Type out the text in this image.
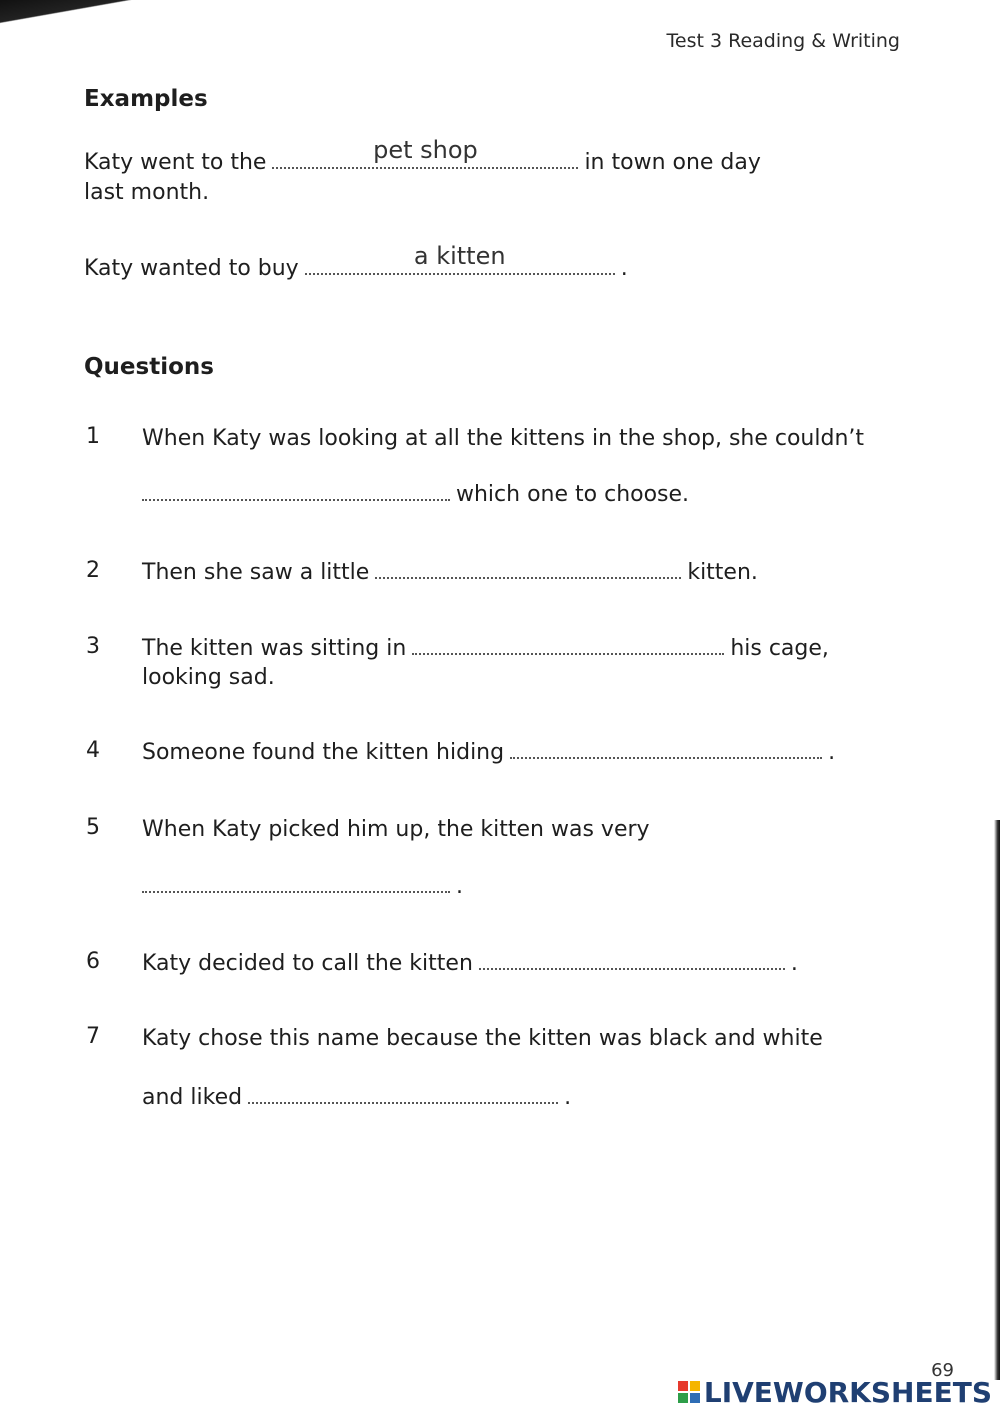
Test 3 Reading & Writing
Examples
Katy went to the	pet shop	in town one day
last month.
Katy wanted to buy	a kitten	.
Questions
1 When Katy was looking at all the kittens in the shop, she couldn’t
which one to choose.
2 Then she saw a little	kitten.
3 The kitten was sitting in	his cage,
looking sad.
4 Someone found the kitten hiding	.
5 When Katy picked him up, the kitten was very
.
6 Katy decided to call the kitten	.
7 Katy chose this name because the kitten was black and white
and liked	.
69
LIVEWORKSHEETS
